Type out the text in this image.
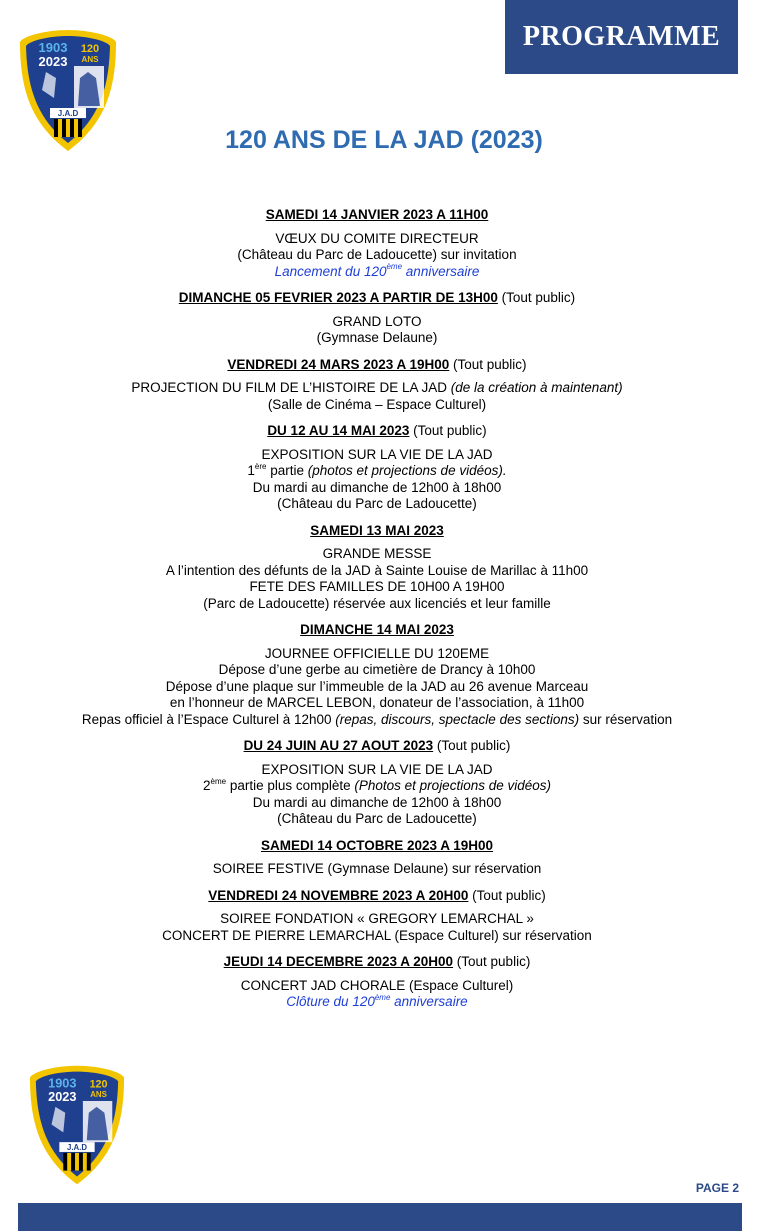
PROGRAMME
1903
2023
120
ANS
J.A.D
120 ANS DE LA JAD (2023)
SAMEDI 14 JANVIER 2023 A 11H00
VŒUX DU COMITE DIRECTEUR
(Château du Parc de Ladoucette) sur invitation
Lancement du 120ème anniversaire
DIMANCHE 05 FEVRIER 2023 A PARTIR DE 13H00 (Tout public)
GRAND LOTO
(Gymnase Delaune)
VENDREDI 24 MARS 2023 A 19H00 (Tout public)
PROJECTION DU FILM DE L’HISTOIRE DE LA JAD (de la création à maintenant)
(Salle de Cinéma – Espace Culturel)
DU 12 AU 14 MAI 2023 (Tout public)
EXPOSITION SUR LA VIE DE LA JAD
1ère partie (photos et projections de vidéos).
Du mardi au dimanche de 12h00 à 18h00
(Château du Parc de Ladoucette)
SAMEDI 13 MAI 2023
GRANDE MESSE
A l’intention des défunts de la JAD à Sainte Louise de Marillac à 11h00
FETE DES FAMILLES DE 10H00 A 19H00
(Parc de Ladoucette) réservée aux licenciés et leur famille
DIMANCHE 14 MAI 2023
JOURNEE OFFICIELLE DU 120EME
Dépose d’une gerbe au cimetière de Drancy à 10h00
Dépose d’une plaque sur l’immeuble de la JAD au 26 avenue Marceau
en l’honneur de MARCEL LEBON, donateur de l’association, à 11h00
Repas officiel à l’Espace Culturel à 12h00 (repas, discours, spectacle des sections) sur réservation
DU 24 JUIN AU 27 AOUT 2023 (Tout public)
EXPOSITION SUR LA VIE DE LA JAD
2ème partie plus complète (Photos et projections de vidéos)
Du mardi au dimanche de 12h00 à 18h00
(Château du Parc de Ladoucette)
SAMEDI 14 OCTOBRE 2023 A 19H00
SOIREE FESTIVE (Gymnase Delaune) sur réservation
VENDREDI 24 NOVEMBRE 2023 A 20H00 (Tout public)
SOIREE FONDATION « GREGORY LEMARCHAL »
CONCERT DE PIERRE LEMARCHAL (Espace Culturel) sur réservation
JEUDI 14 DECEMBRE 2023 A 20H00 (Tout public)
CONCERT JAD CHORALE (Espace Culturel)
Clôture du 120ème anniversaire
1903
2023
120
ANS
J.A.D
PAGE 2
